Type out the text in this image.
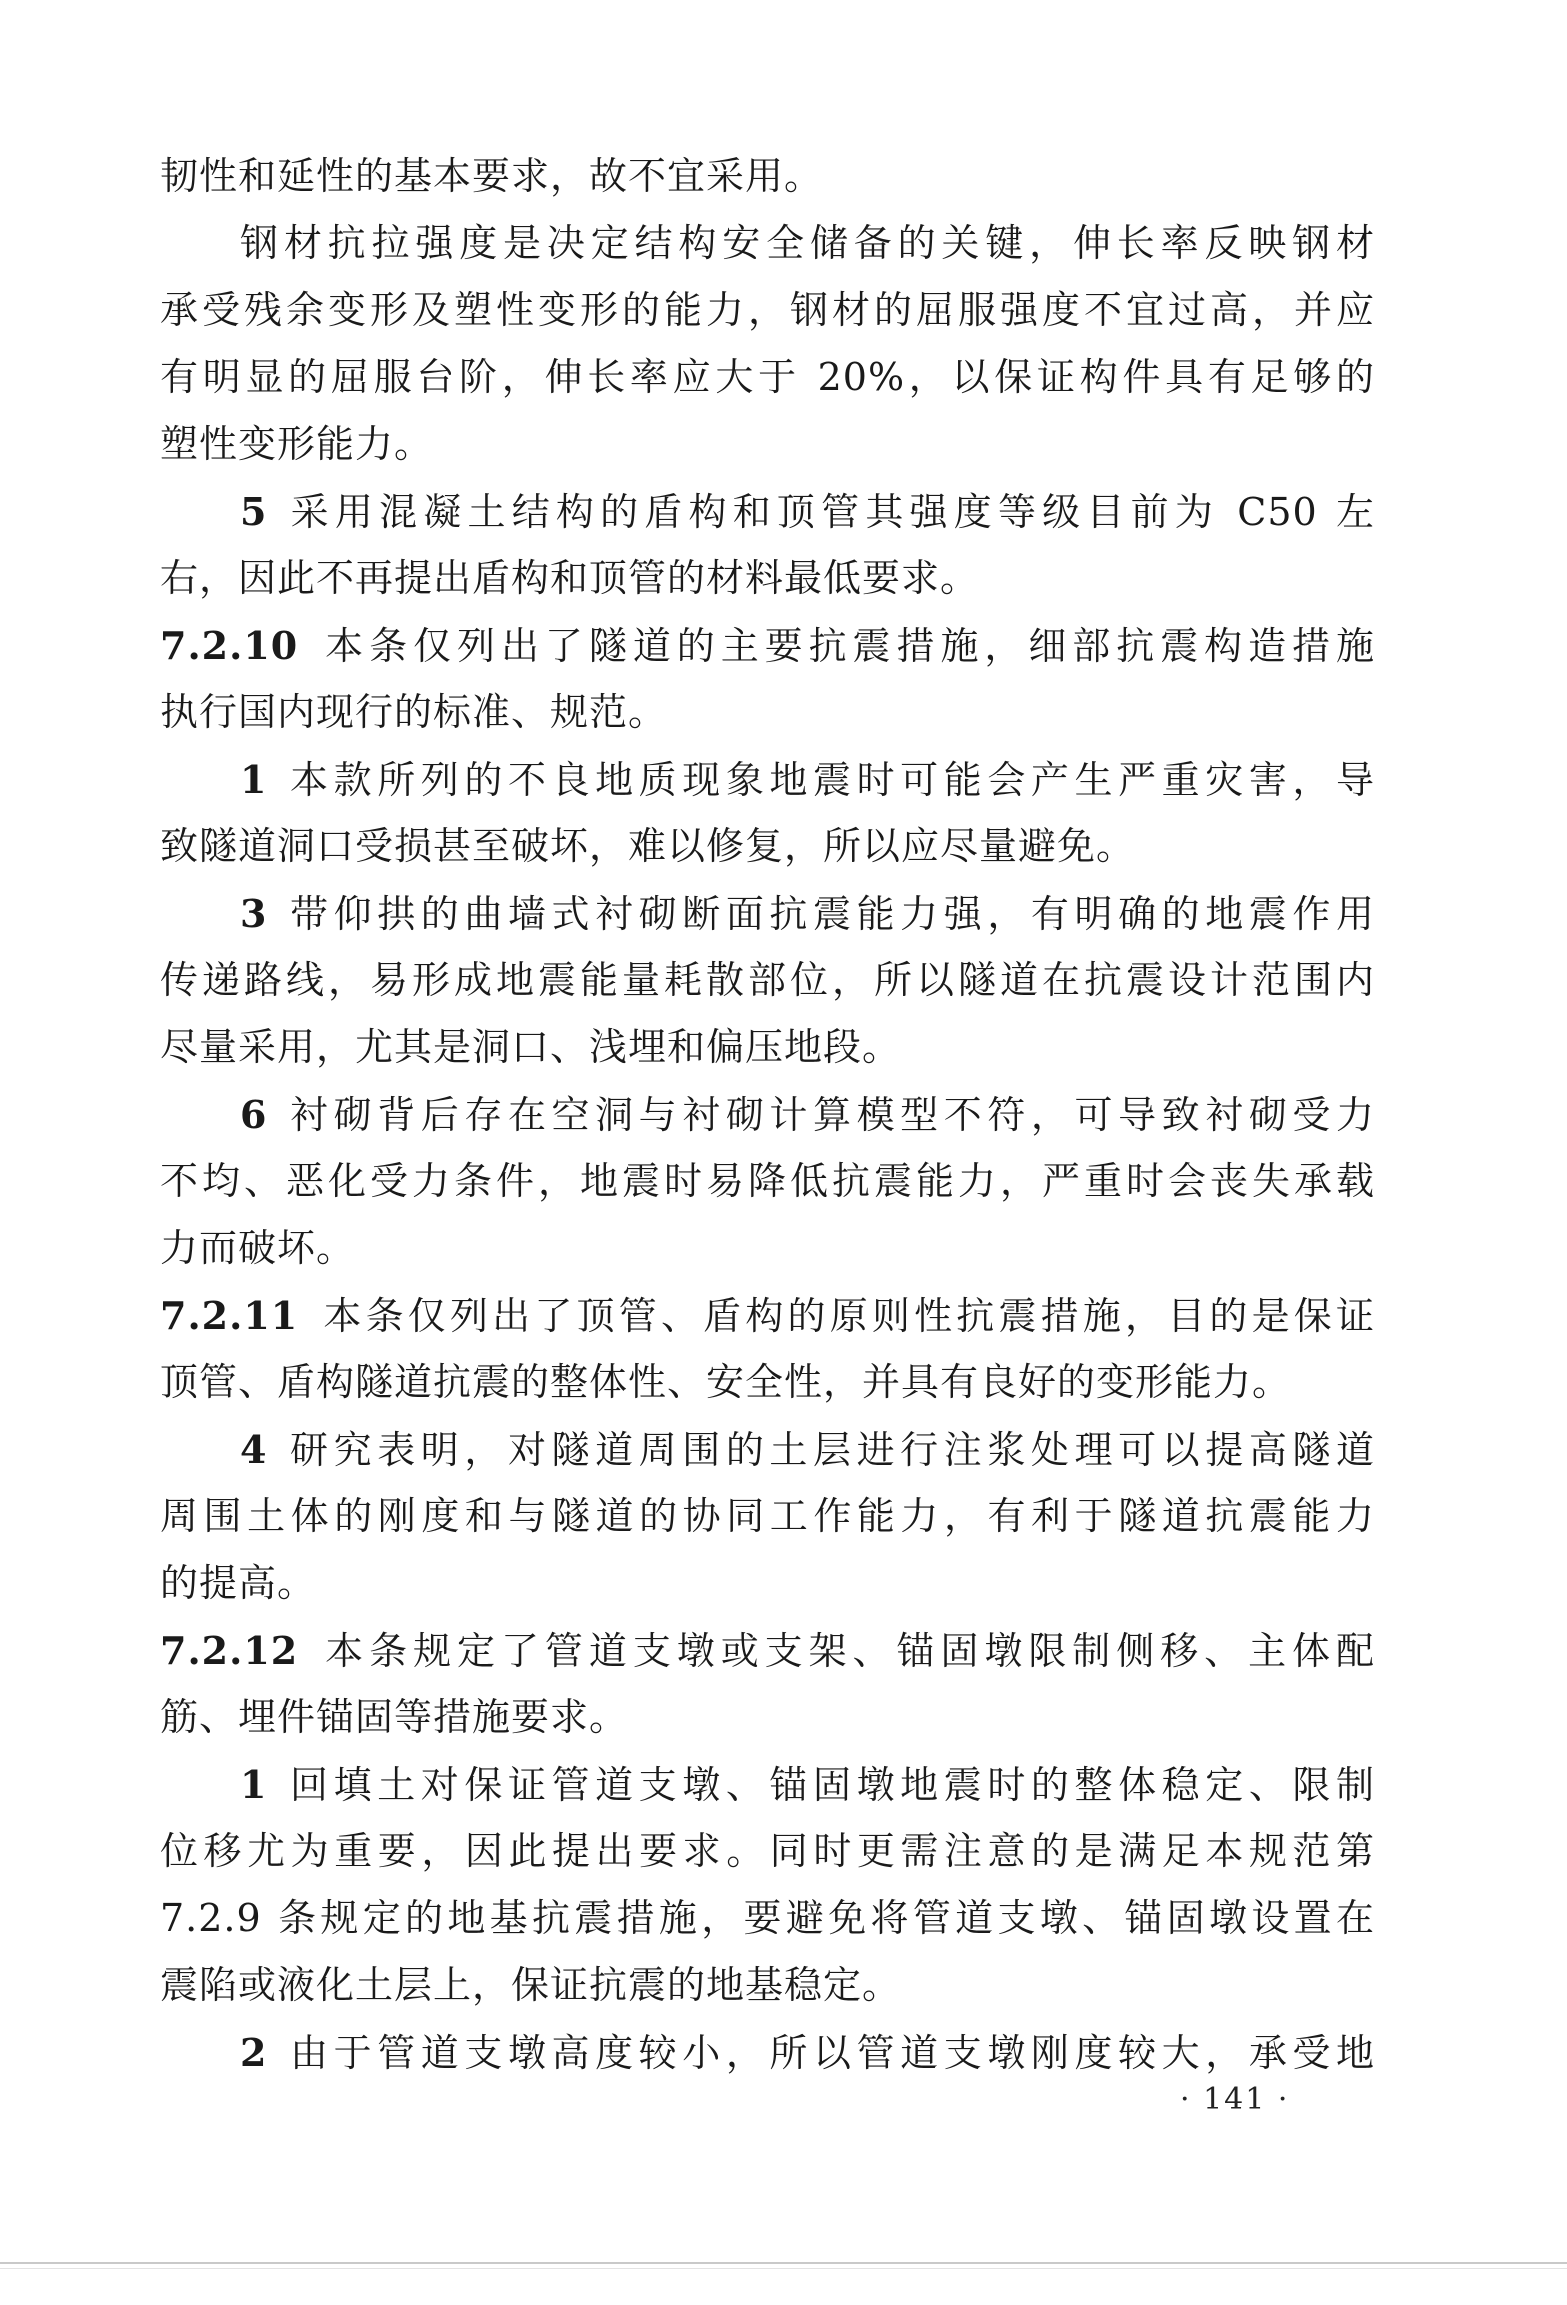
韧性和延性的基本要求，故不宜采用。
钢材抗拉强度是决定结构安全储备的关键，伸长率反映钢材
承受残余变形及塑性变形的能力，钢材的屈服强度不宜过高，并应
有明显的屈服台阶，伸长率应大于 20%，以保证构件具有足够的
塑性变形能力。
5 采用混凝土结构的盾构和顶管其强度等级目前为 C50 左
右，因此不再提出盾构和顶管的材料最低要求。
7.2.10 本条仅列出了隧道的主要抗震措施，细部抗震构造措施
执行国内现行的标准、规范。
1 本款所列的不良地质现象地震时可能会产生严重灾害，导
致隧道洞口受损甚至破坏，难以修复，所以应尽量避免。
3 带仰拱的曲墙式衬砌断面抗震能力强，有明确的地震作用
传递路线，易形成地震能量耗散部位，所以隧道在抗震设计范围内
尽量采用，尤其是洞口、浅埋和偏压地段。
6 衬砌背后存在空洞与衬砌计算模型不符，可导致衬砌受力
不均、恶化受力条件，地震时易降低抗震能力，严重时会丧失承载
力而破坏。
7.2.11 本条仅列出了顶管、盾构的原则性抗震措施，目的是保证
顶管、盾构隧道抗震的整体性、安全性，并具有良好的变形能力。
4 研究表明，对隧道周围的土层进行注浆处理可以提高隧道
周围土体的刚度和与隧道的协同工作能力，有利于隧道抗震能力
的提高。
7.2.12 本条规定了管道支墩或支架、锚固墩限制侧移、主体配
筋、埋件锚固等措施要求。
1 回填土对保证管道支墩、锚固墩地震时的整体稳定、限制
位移尤为重要，因此提出要求。同时更需注意的是满足本规范第
7.2.9 条规定的地基抗震措施，要避免将管道支墩、锚固墩设置在
震陷或液化土层上，保证抗震的地基稳定。
2 由于管道支墩高度较小，所以管道支墩刚度较大，承受地
· 141 ·
